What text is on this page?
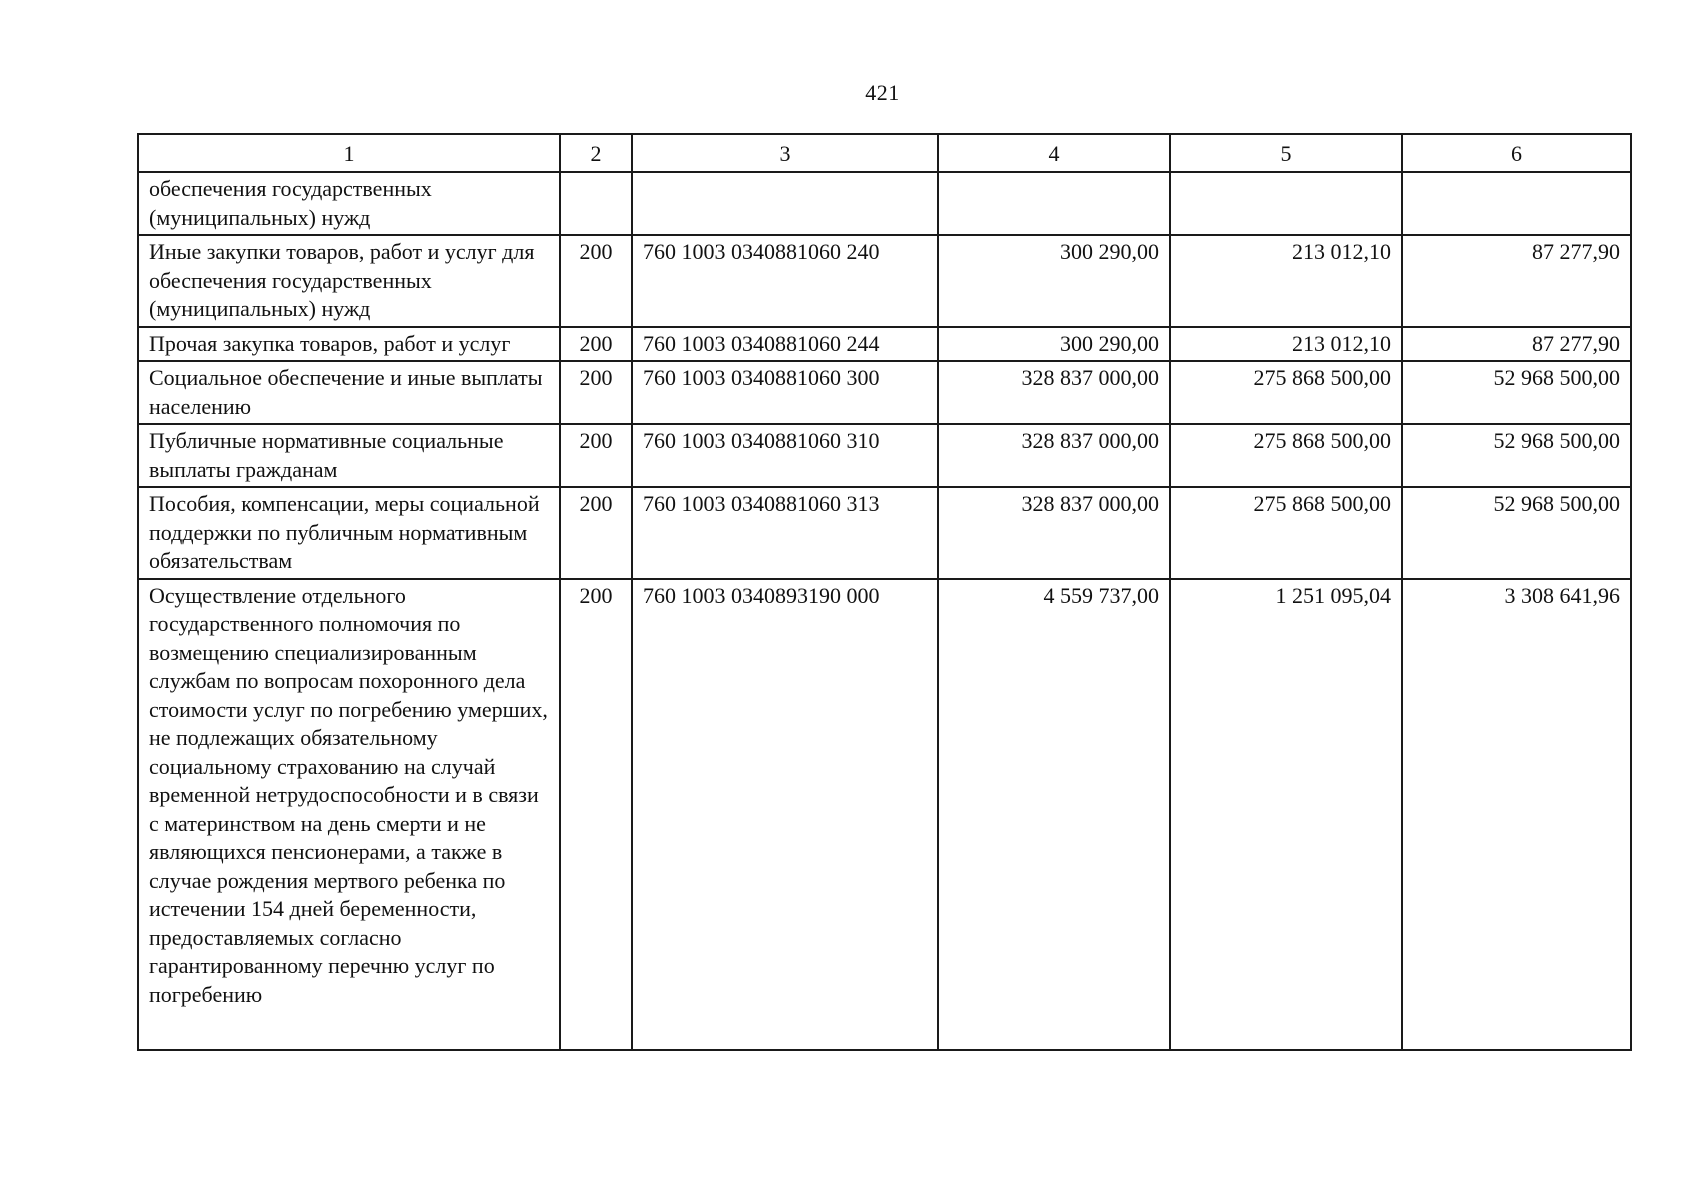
421
1	2	3	4	5	6
обеспечения государственных (муниципальных) нужд					
Иные закупки товаров, работ и услуг для обеспечения государственных (муниципальных) нужд	200	760 1003 0340881060 240	300 290,00	213 012,10	87 277,90
Прочая закупка товаров, работ и услуг	200	760 1003 0340881060 244	300 290,00	213 012,10	87 277,90
Социальное обеспечение и иные выплаты населению	200	760 1003 0340881060 300	328 837 000,00	275 868 500,00	52 968 500,00
Публичные нормативные социальные выплаты гражданам	200	760 1003 0340881060 310	328 837 000,00	275 868 500,00	52 968 500,00
Пособия, компенсации, меры социальной поддержки по публичным нормативным обязательствам	200	760 1003 0340881060 313	328 837 000,00	275 868 500,00	52 968 500,00
Осуществление отдельного государственного полномочия по возмещению специализированным службам по вопросам похоронного дела стоимости услуг по погребению умерших, не подлежащих обязательному социальному страхованию на случай временной нетрудоспособности и в связи с материнством на день смерти и не являющихся пенсионерами, а также в случае рождения мертвого ребенка по истечении 154 дней беременности, предоставляемых согласно гарантированному перечню услуг по погребению	200	760 1003 0340893190 000	4 559 737,00	1 251 095,04	3 308 641,96
